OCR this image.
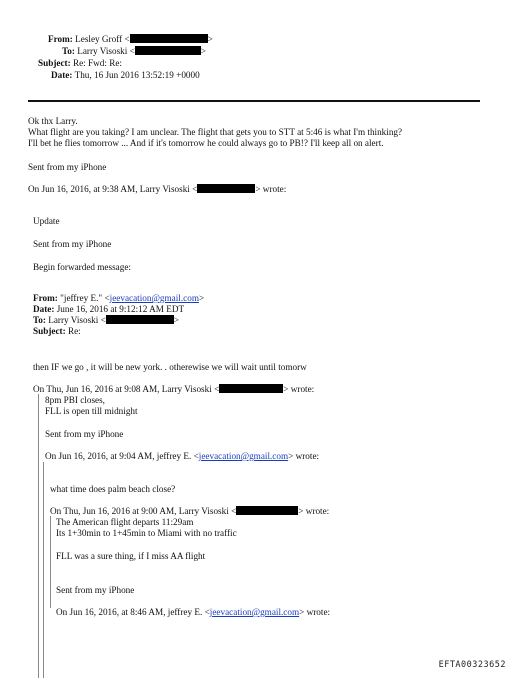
From: Lesley Groff <	>
To: Larry Visoski <	>
Subject: Re: Fwd: Re:
Date: Thu, 16 Jun 2016 13:52:19 +0000
Ok thx Larry.
What flight are you taking? I am unclear. The flight that gets you to STT at 5:46 is what I'm thinking?
I'll bet he flies tomorrow ... And if it's tomorrow he could always go to PB!? I'll keep all on alert.
Sent from my iPhone
On Jun 16, 2016, at 9:38 AM, Larry Visoski <	> wrote:
Update
Sent from my iPhone
Begin forwarded message:
From: "jeffrey E." <jeevacation@gmail.com>
Date: June 16, 2016 at 9:12:12 AM EDT
To: Larry Visoski <	>
Subject: Re:
then IF we go , it will be new york. . otherewise we will wait until tomorw
On Thu, Jun 16, 2016 at 9:08 AM, Larry Visoski <	> wrote:
8pm PBI closes,
FLL is open till midnight
Sent from my iPhone
On Jun 16, 2016, at 9:04 AM, jeffrey E. <jeevacation@gmail.com> wrote:
what time does palm beach close?
On Thu, Jun 16, 2016 at 9:00 AM, Larry Visoski <	> wrote:
The American flight departs 11:29am
Its 1+30min to 1+45min to Miami with no traffic
FLL was a sure thing, if I miss AA flight
Sent from my iPhone
On Jun 16, 2016, at 8:46 AM, jeffrey E. <jeevacation@gmail.com> wrote:
EFTA00323652
